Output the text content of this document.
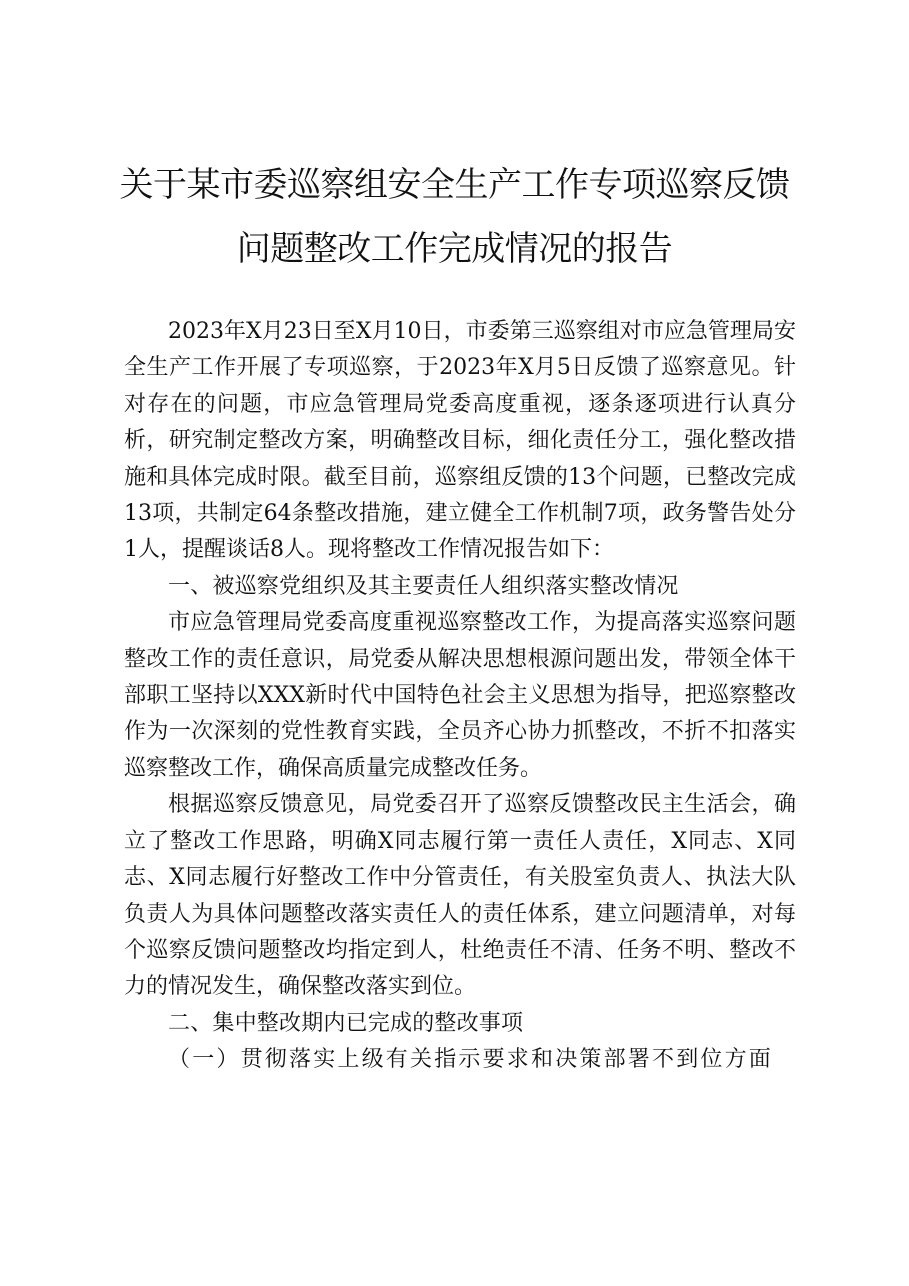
关于某市委巡察组安全生产工作专项巡察反馈
问题整改工作完成情况的报告

2023年X月23日至X月10日，市委第三巡察组对市应急管理局安全生产工作开展了专项巡察，于2023年X月5日反馈了巡察意见。针对存在的问题，市应急管理局党委高度重视，逐条逐项进行认真分析，研究制定整改方案，明确整改目标，细化责任分工，强化整改措施和具体完成时限。截至目前，巡察组反馈的13个问题，已整改完成13项，共制定64条整改措施，建立健全工作机制7项，政务警告处分1人，提醒谈话8人。现将整改工作情况报告如下：

一、被巡察党组织及其主要责任人组织落实整改情况

市应急管理局党委高度重视巡察整改工作，为提高落实巡察问题整改工作的责任意识，局党委从解决思想根源问题出发，带领全体干部职工坚持以XXX新时代中国特色社会主义思想为指导，把巡察整改作为一次深刻的党性教育实践，全员齐心协力抓整改，不折不扣落实巡察整改工作，确保高质量完成整改任务。

根据巡察反馈意见，局党委召开了巡察反馈整改民主生活会，确立了整改工作思路，明确X同志履行第一责任人责任，X同志、X同志、X同志履行好整改工作中分管责任，有关股室负责人、执法大队负责人为具体问题整改落实责任人的责任体系，建立问题清单，对每个巡察反馈问题整改均指定到人，杜绝责任不清、任务不明、整改不力的情况发生，确保整改落实到位。

二、集中整改期内已完成的整改事项

（一）贯彻落实上级有关指示要求和决策部署不到位方面
